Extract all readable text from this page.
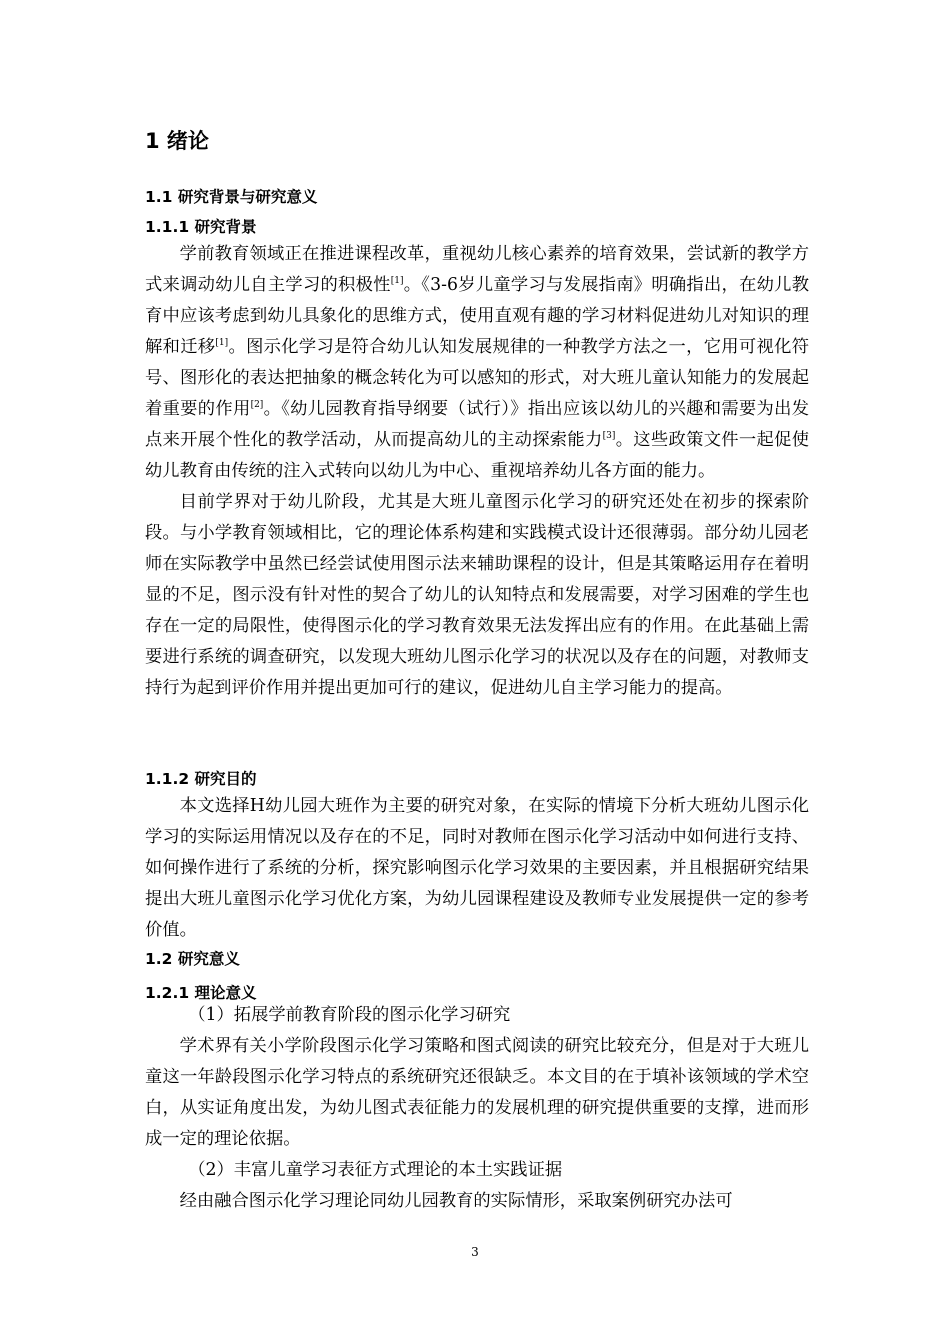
1 绪论
1.1 研究背景与研究意义
1.1.1 研究背景

学前教育领域正在推进课程改革，重视幼儿核心素养的培育效果，尝试新的教学方式来调动幼儿自主学习的积极性[1]。《3-6岁儿童学习与发展指南》明确指出，在幼儿教育中应该考虑到幼儿具象化的思维方式，使用直观有趣的学习材料促进幼儿对知识的理解和迁移[1]。图示化学习是符合幼儿认知发展规律的一种教学方法之一，它用可视化符号、图形化的表达把抽象的概念转化为可以感知的形式，对大班儿童认知能力的发展起着重要的作用[2]。《幼儿园教育指导纲要（试行）》指出应该以幼儿的兴趣和需要为出发点来开展个性化的教学活动，从而提高幼儿的主动探索能力[3]。这些政策文件一起促使幼儿教育由传统的注入式转向以幼儿为中心、重视培养幼儿各方面的能力。

目前学界对于幼儿阶段，尤其是大班儿童图示化学习的研究还处在初步的探索阶段。与小学教育领域相比，它的理论体系构建和实践模式设计还很薄弱。部分幼儿园老师在实际教学中虽然已经尝试使用图示法来辅助课程的设计，但是其策略运用存在着明显的不足，图示没有针对性的契合了幼儿的认知特点和发展需要，对学习困难的学生也存在一定的局限性，使得图示化的学习教育效果无法发挥出应有的作用。在此基础上需要进行系统的调查研究，以发现大班幼儿图示化学习的状况以及存在的问题，对教师支持行为起到评价作用并提出更加可行的建议，促进幼儿自主学习能力的提高。

1.1.2 研究目的

本文选择H幼儿园大班作为主要的研究对象，在实际的情境下分析大班幼儿图示化学习的实际运用情况以及存在的不足，同时对教师在图示化学习活动中如何进行支持、如何操作进行了系统的分析，探究影响图示化学习效果的主要因素，并且根据研究结果提出大班儿童图示化学习优化方案，为幼儿园课程建设及教师专业发展提供一定的参考价值。

1.2 研究意义
1.2.1 理论意义

（1）拓展学前教育阶段的图示化学习研究

学术界有关小学阶段图示化学习策略和图式阅读的研究比较充分，但是对于大班儿童这一年龄段图示化学习特点的系统研究还很缺乏。本文目的在于填补该领域的学术空白，从实证角度出发，为幼儿图式表征能力的发展机理的研究提供重要的支撑，进而形成一定的理论依据。

（2）丰富儿童学习表征方式理论的本土实践证据

经由融合图示化学习理论同幼儿园教育的实际情形，采取案例研究办法可

3
